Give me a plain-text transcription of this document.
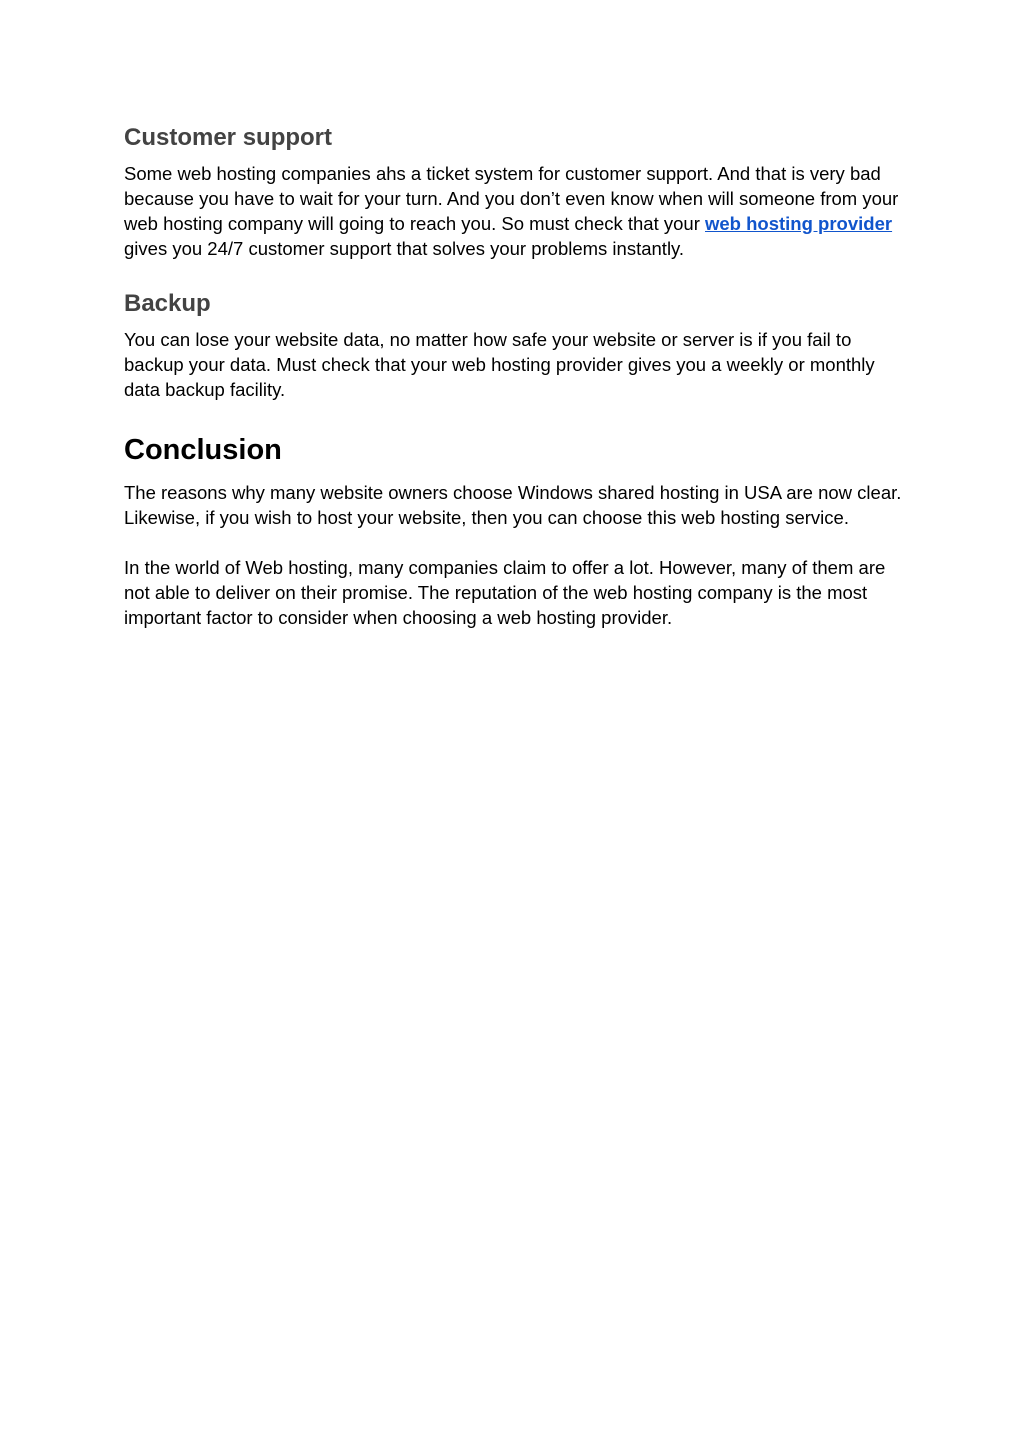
Customer support

Some web hosting companies ahs a ticket system for customer support. And that is very bad because you have to wait for your turn. And you don’t even know when will someone from your web hosting company will going to reach you. So must check that your web hosting provider gives you 24/7 customer support that solves your problems instantly.

Backup

You can lose your website data, no matter how safe your website or server is if you fail to backup your data. Must check that your web hosting provider gives you a weekly or monthly data backup facility.

Conclusion

The reasons why many website owners choose Windows shared hosting in USA are now clear. Likewise, if you wish to host your website, then you can choose this web hosting service.

In the world of Web hosting, many companies claim to offer a lot. However, many of them are not able to deliver on their promise. The reputation of the web hosting company is the most important factor to consider when choosing a web hosting provider.
